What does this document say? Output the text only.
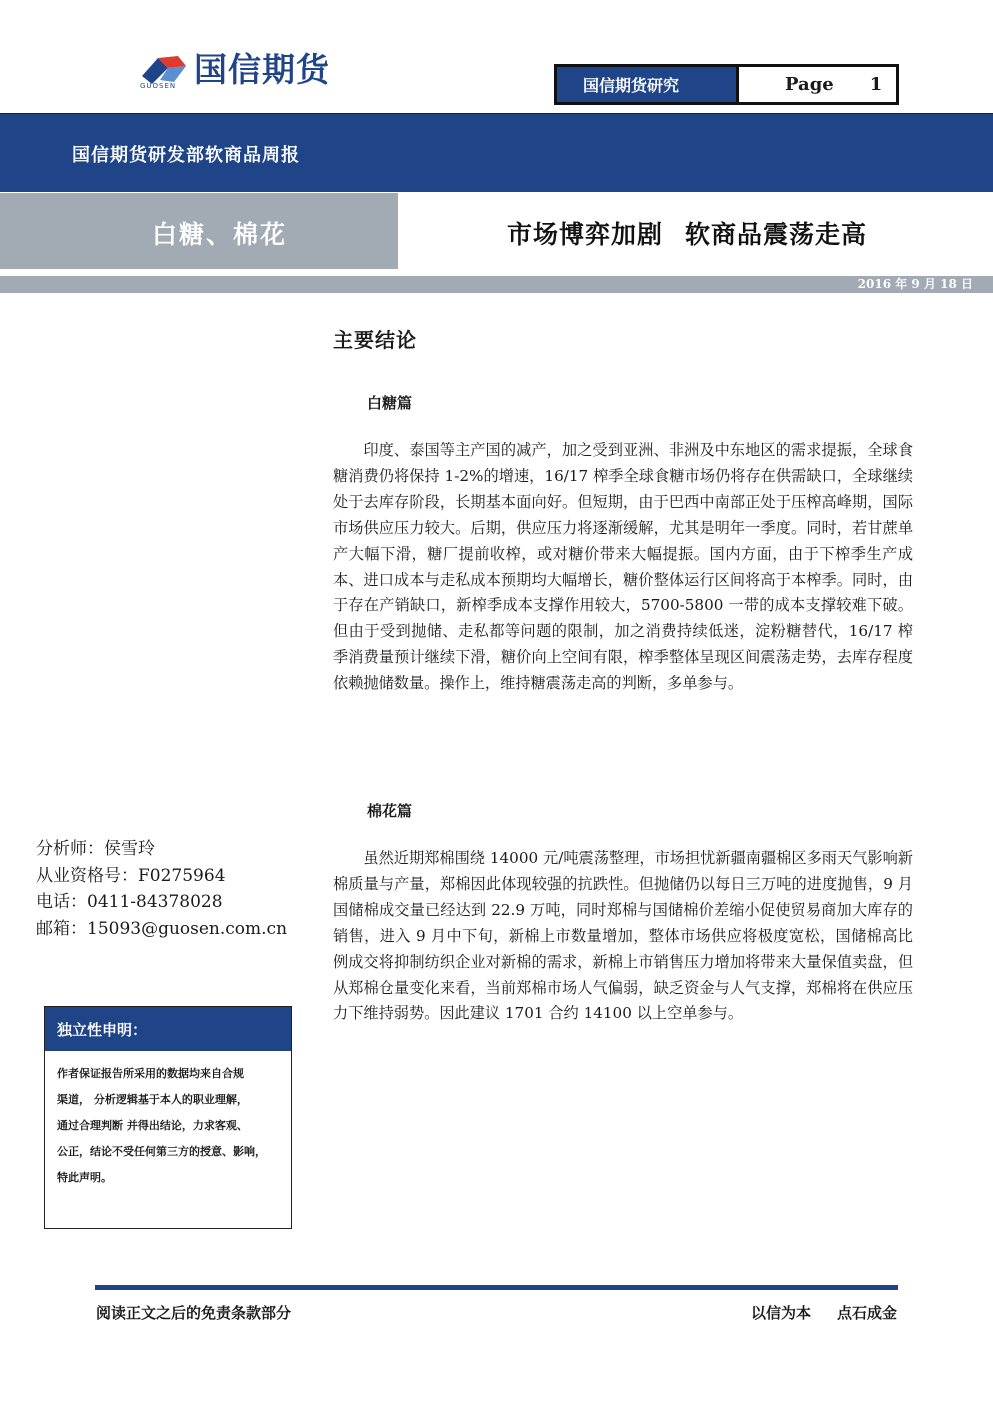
国信期货
GUOSEN	国信期货研究	Page 1
国信期货研发部软商品周报
白糖、棉花	市场博弈加剧 软商品震荡走高
2016 年 9 月 18 日
主要结论
白糖篇

印度、泰国等主产国的减产，加之受到亚洲、非洲及中东地区的需求提振，全球食糖消费仍将保持 1-2%的增速，16/17 榨季全球食糖市场仍将存在供需缺口，全球继续处于去库存阶段，长期基本面向好。但短期，由于巴西中南部正处于压榨高峰期，国际市场供应压力较大。后期，供应压力将逐渐缓解，尤其是明年一季度。同时，若甘蔗单产大幅下滑，糖厂提前收榨，或对糖价带来大幅提振。国内方面，由于下榨季生产成本、进口成本与走私成本预期均大幅增长，糖价整体运行区间将高于本榨季。同时，由于存在产销缺口，新榨季成本支撑作用较大，5700-5800 一带的成本支撑较难下破。但由于受到抛储、走私都等问题的限制，加之消费持续低迷，淀粉糖替代，16/17 榨季消费量预计继续下滑，糖价向上空间有限，榨季整体呈现区间震荡走势，去库存程度依赖抛储数量。操作上，维持糖震荡走高的判断，多单参与。

棉花篇

虽然近期郑棉围绕 14000 元/吨震荡整理，市场担忧新疆南疆棉区多雨天气影响新棉质量与产量，郑棉因此体现较强的抗跌性。但抛储仍以每日三万吨的进度抛售，9 月国储棉成交量已经达到 22.9 万吨，同时郑棉与国储棉价差缩小促使贸易商加大库存的销售，进入 9 月中下旬，新棉上市数量增加，整体市场供应将极度宽松，国储棉高比例成交将抑制纺织企业对新棉的需求，新棉上市销售压力增加将带来大量保值卖盘，但从郑棉仓量变化来看，当前郑棉市场人气偏弱，缺乏资金与人气支撑，郑棉将在供应压力下维持弱势。因此建议 1701 合约 14100 以上空单参与。

分析师：侯雪玲
从业资格号：F0275964
电话：0411-84378028
邮箱：15093@guosen.com.cn
独立性申明：
作者保证报告所采用的数据均来自合规
渠道， 分析逻辑基于本人的职业理解，
通过合理判断 并得出结论，力求客观、
公正，结论不受任何第三方的授意、影响，
特此声明。
阅读正文之后的免责条款部分	以信为本 点石成金
